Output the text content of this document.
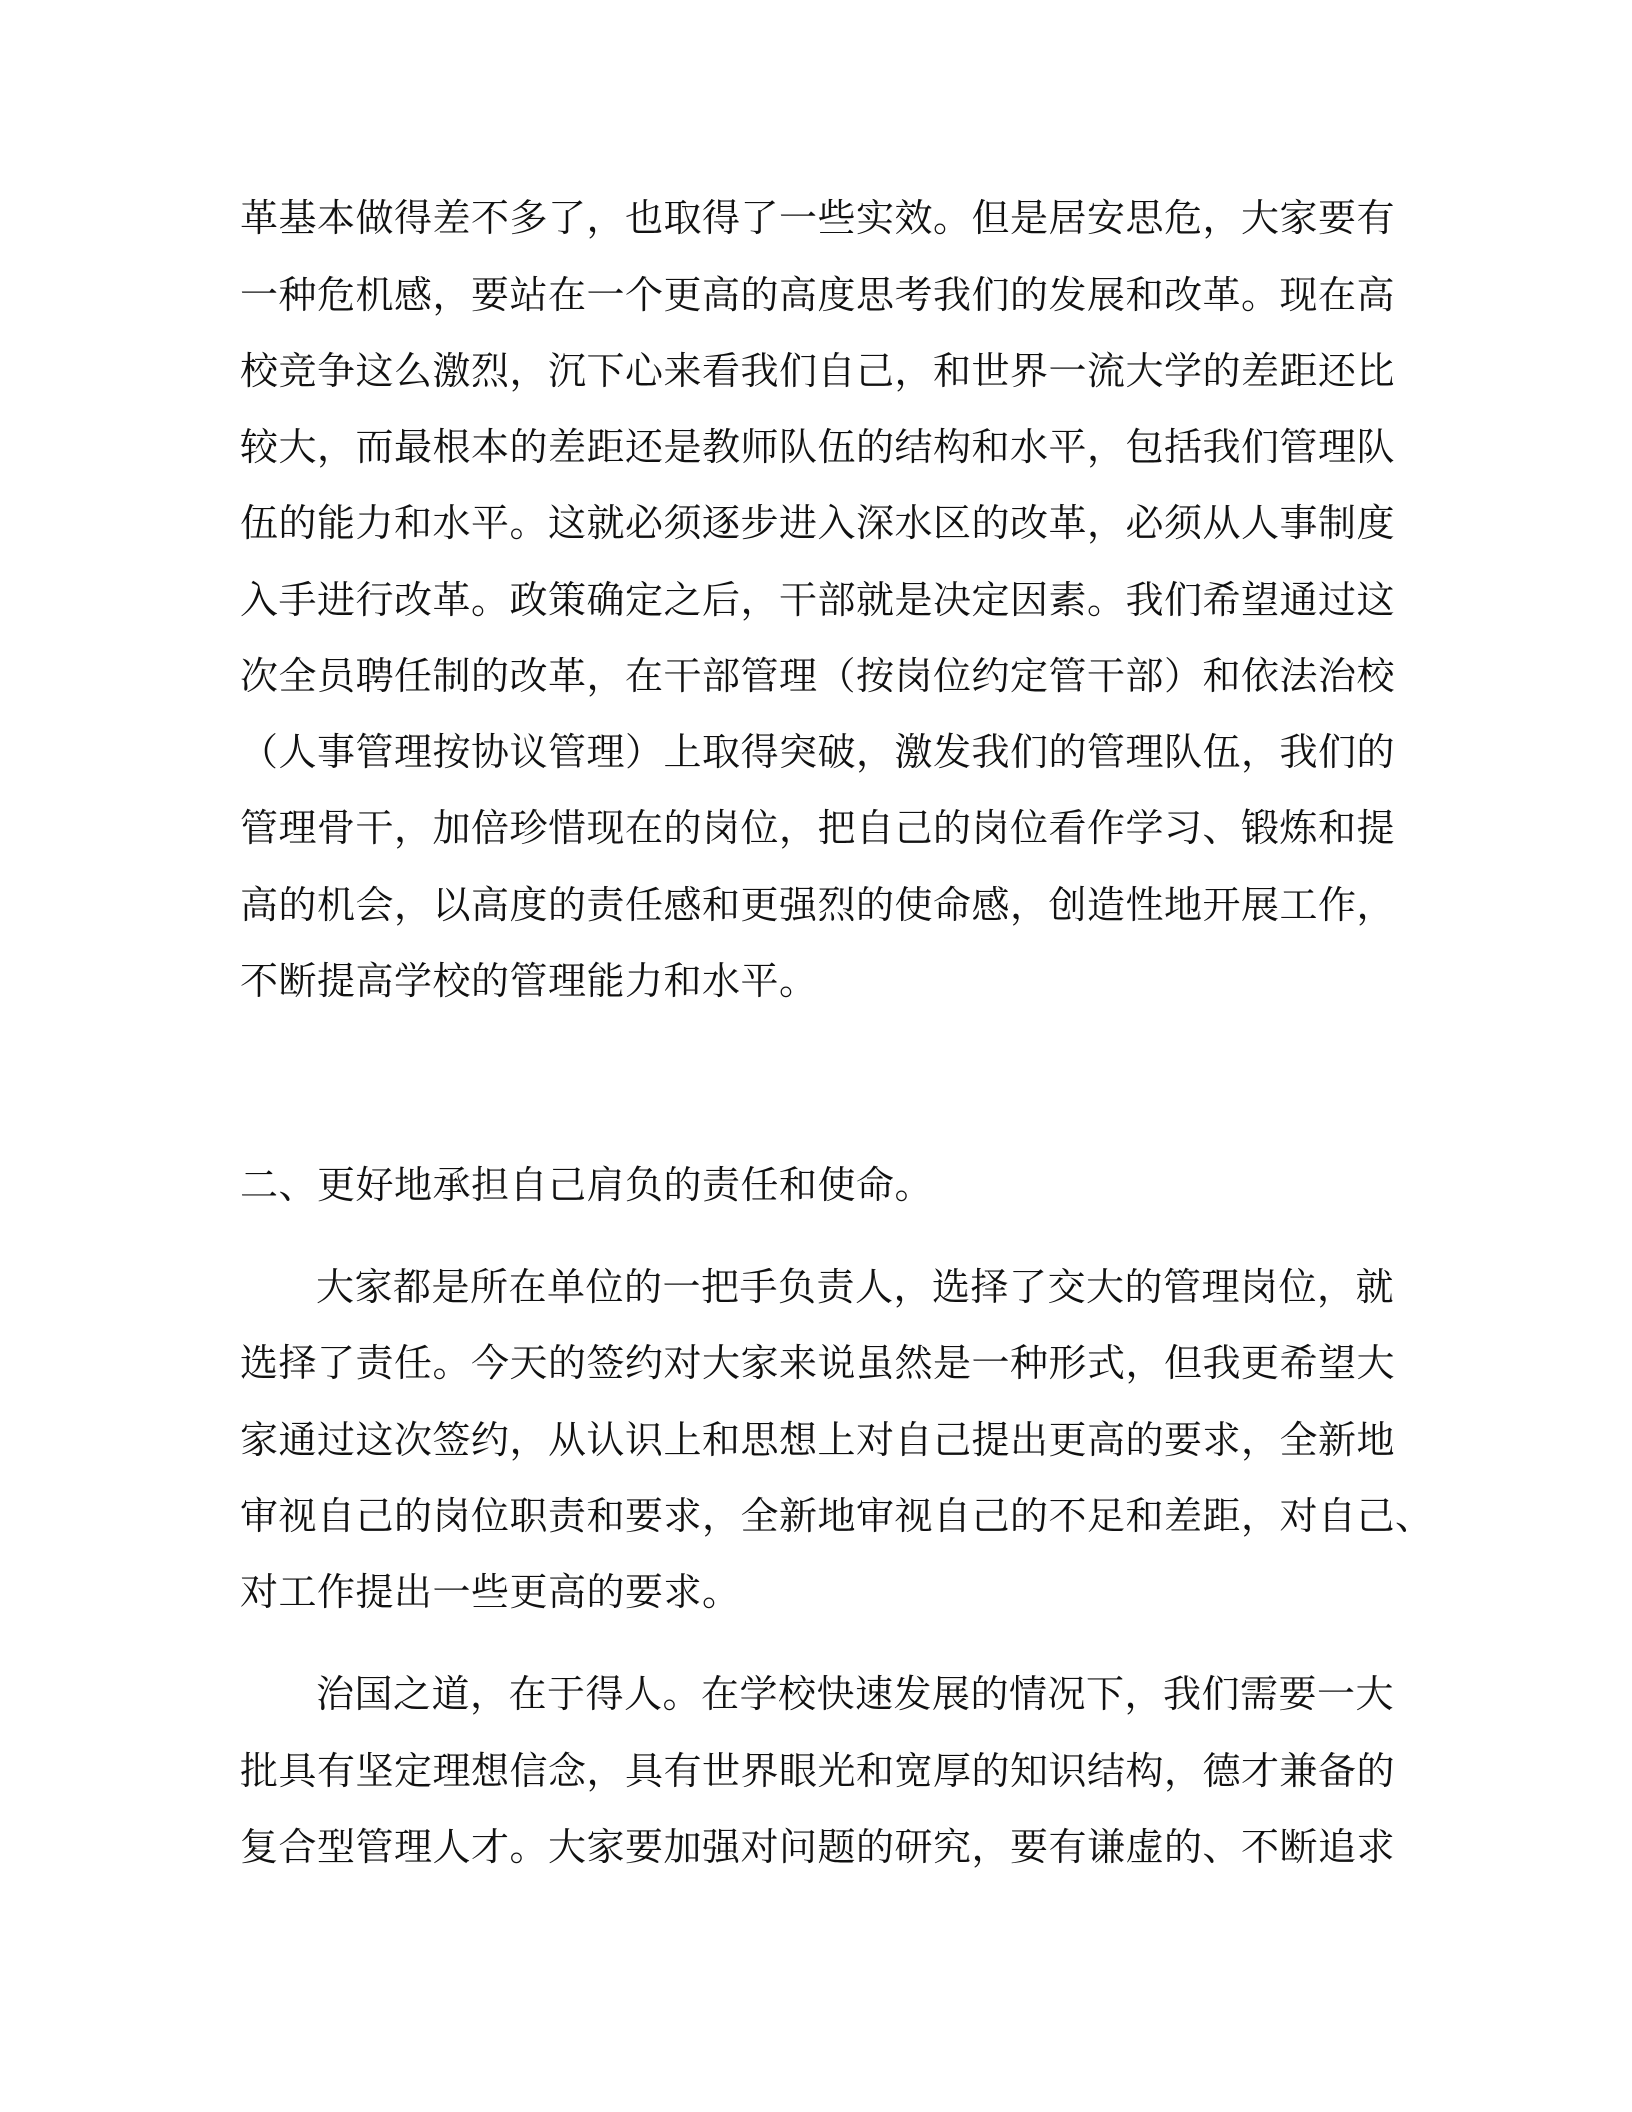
革基本做得差不多了，也取得了一些实效。但是居安思危，大家要有

一种危机感，要站在一个更高的高度思考我们的发展和改革。现在高

校竞争这么激烈，沉下心来看我们自己，和世界一流大学的差距还比

较大，而最根本的差距还是教师队伍的结构和水平，包括我们管理队

伍的能力和水平。这就必须逐步进入深水区的改革，必须从人事制度

入手进行改革。政策确定之后，干部就是决定因素。我们希望通过这

次全员聘任制的改革，在干部管理（按岗位约定管干部）和依法治校

（人事管理按协议管理）上取得突破，激发我们的管理队伍，我们的

管理骨干，加倍珍惜现在的岗位，把自己的岗位看作学习、锻炼和提

高的机会，以高度的责任感和更强烈的使命感，创造性地开展工作，

不断提高学校的管理能力和水平。

二、更好地承担自己肩负的责任和使命。

大家都是所在单位的一把手负责人，选择了交大的管理岗位，就

选择了责任。今天的签约对大家来说虽然是一种形式，但我更希望大

家通过这次签约，从认识上和思想上对自己提出更高的要求，全新地

审视自己的岗位职责和要求，全新地审视自己的不足和差距，对自己、

对工作提出一些更高的要求。

治国之道，在于得人。在学校快速发展的情况下，我们需要一大

批具有坚定理想信念，具有世界眼光和宽厚的知识结构，德才兼备的

复合型管理人才。大家要加强对问题的研究，要有谦虚的、不断追求
